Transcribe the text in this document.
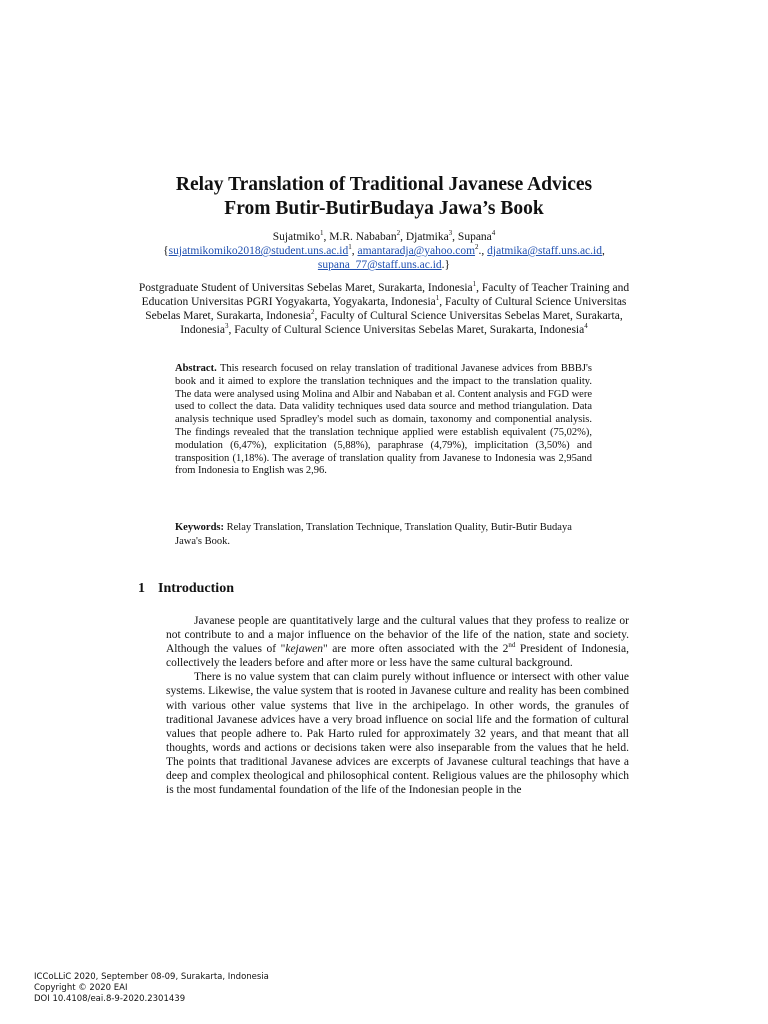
Relay Translation of Traditional Javanese Advices
From Butir-ButirBudaya Jawa’s Book
Sujatmiko$^1$, M.R. Nababan$^2$, Djatmika$^3$, Supana$^4$
{$sujatmikomiko2018@student.uns.ac.id^1$, amantaradja@yahoo.com$^2$., djatmika@staff.uns.ac.id, supana_77@staff.uns.ac.id.}
Postgraduate Student of Universitas Sebelas Maret, Surakarta, Indonesia$^1$, Faculty of Teacher Training and Education Universitas PGRI Yogyakarta, Yogyakarta, Indonesia$^1$, Faculty of Cultural Science Universitas Sebelas Maret, Surakarta, Indonesia$^2$, Faculty of Cultural Science Universitas Sebelas Maret, Surakarta, Indonesia$^3$, Faculty of Cultural Science Universitas Sebelas Maret, Surakarta, Indonesia$^4$
Abstract. This research focused on relay translation of traditional Javanese advices from BBBJ's book and it aimed to explore the translation techniques and the impact to the translation quality. The data were analysed using Molina and Albir and Nababan et al. Content analysis and FGD were used to collect the data. Data validity techniques used data source and method triangulation. Data analysis technique used Spradley's model such as domain, taxonomy and componential analysis. The findings revealed that the translation technique applied were establish equivalent (75,02%), modulation (6,47%), explicitation (5,88%), paraphrase (4,79%), implicitation (3,50%) and transposition (1,18%). The average of translation quality from Javanese to Indonesia was 2,95and from Indonesia to English was 2,96.
Keywords: Relay Translation, Translation Technique, Translation Quality, Butir-Butir Budaya Jawa's Book.
1 Introduction

Javanese people are quantitatively large and the cultural values that they profess to realize or not contribute to and a major influence on the behavior of the life of the nation, state and society. Although the values of "kejawen" are more often associated with the 2nd President of Indonesia, collectively the leaders before and after more or less have the same cultural background.

There is no value system that can claim purely without influence or intersect with other value systems. Likewise, the value system that is rooted in Javanese culture and reality has been combined with various other value systems that live in the archipelago. In other words, the granules of traditional Javanese advices have a very broad influence on social life and the formation of cultural values that people adhere to. Pak Harto ruled for approximately 32 years, and that meant that all thoughts, words and actions or decisions taken were also inseparable from the values that he held. The points that traditional Javanese advices are excerpts of Javanese cultural teachings that have a deep and complex theological and philosophical content. Religious values are the philosophy which is the most fundamental foundation of the life of the Indonesian people in the

ICCoLLiC 2020, September 08-09, Surakarta, Indonesia
Copyright © 2020 EAI
DOI 10.4108/eai.8-9-2020.2301439
